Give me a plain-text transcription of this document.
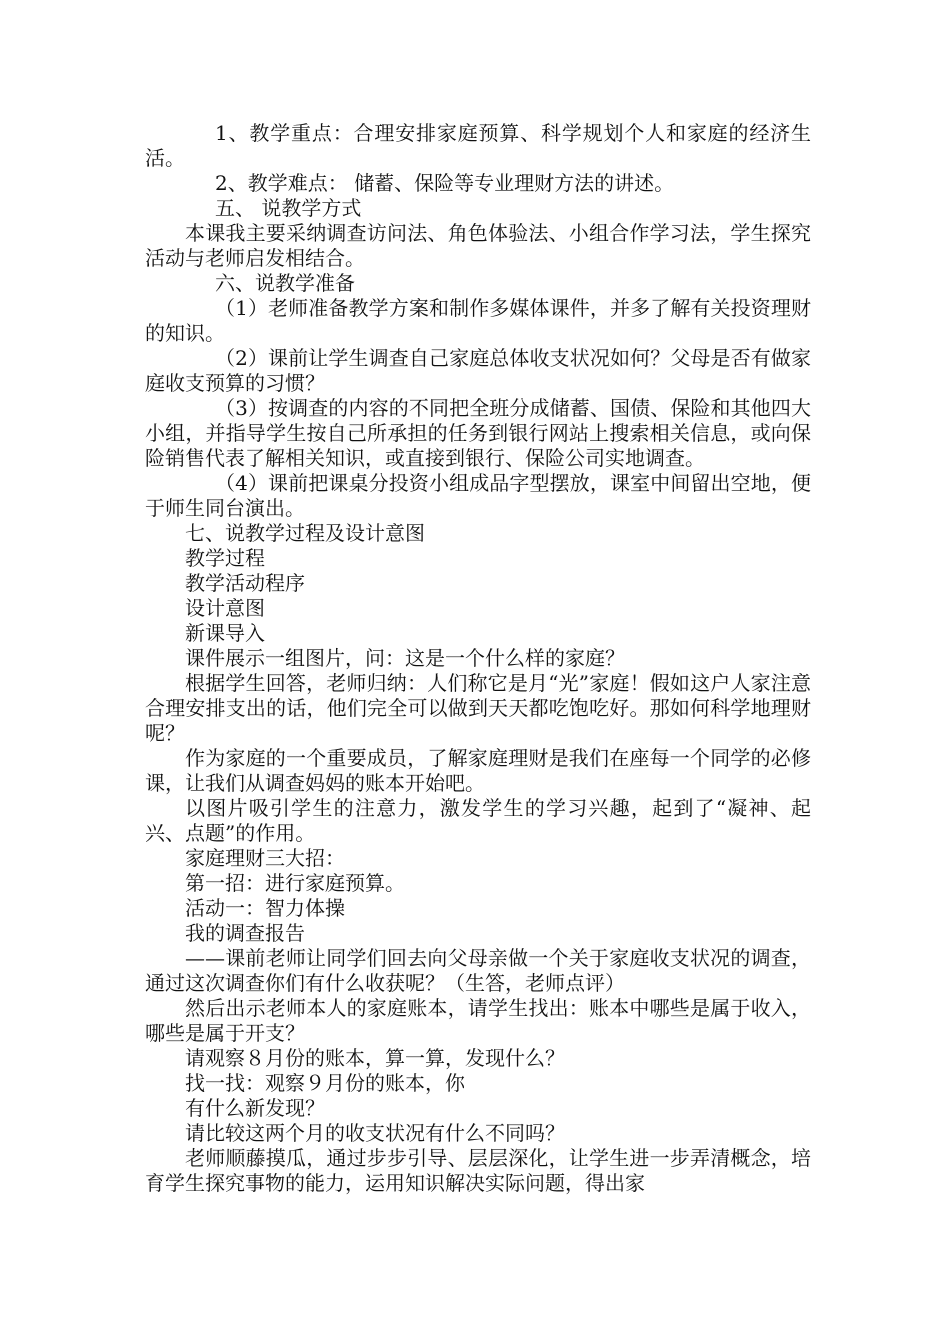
1、教学重点：合理安排家庭预算、科学规划个人和家庭的经济生活。

2、教学难点： 储蓄、保险等专业理财方法的讲述。

五、 说教学方式

本课我主要采纳调查访问法、角色体验法、小组合作学习法，学生探究活动与老师启发相结合。

六、说教学准备

（1）老师准备教学方案和制作多媒体课件，并多了解有关投资理财的知识。

（2）课前让学生调查自己家庭总体收支状况如何？父母是否有做家庭收支预算的习惯？

（3）按调查的内容的不同把全班分成储蓄、国债、保险和其他四大小组，并指导学生按自己所承担的任务到银行网站上搜索相关信息，或向保险销售代表了解相关知识，或直接到银行、保险公司实地调查。

（4）课前把课桌分投资小组成品字型摆放，课室中间留出空地，便于师生同台演出。

七、说教学过程及设计意图

教学过程

教学活动程序

设计意图

新课导入

课件展示一组图片，问：这是一个什么样的家庭？

根据学生回答，老师归纳：人们称它是月“光”家庭！假如这户人家注意合理安排支出的话，他们完全可以做到天天都吃饱吃好。那如何科学地理财呢？

作为家庭的一个重要成员，了解家庭理财是我们在座每一个同学的必修课，让我们从调查妈妈的账本开始吧。

以图片吸引学生的注意力，激发学生的学习兴趣，起到了“凝神、起兴、点题”的作用。

家庭理财三大招：

第一招：进行家庭预算。

活动一：智力体操

我的调查报告

——课前老师让同学们回去向父母亲做一个关于家庭收支状况的调查，通过这次调查你们有什么收获呢？（生答，老师点评）

然后出示老师本人的家庭账本，请学生找出：账本中哪些是属于收入，哪些是属于开支？

请观察８月份的账本，算一算，发现什么？

找一找：观察９月份的账本，你

有什么新发现？

请比较这两个月的收支状况有什么不同吗？

老师顺藤摸瓜，通过步步引导、层层深化，让学生进一步弄清概念，培育学生探究事物的能力，运用知识解决实际问题，得出家
